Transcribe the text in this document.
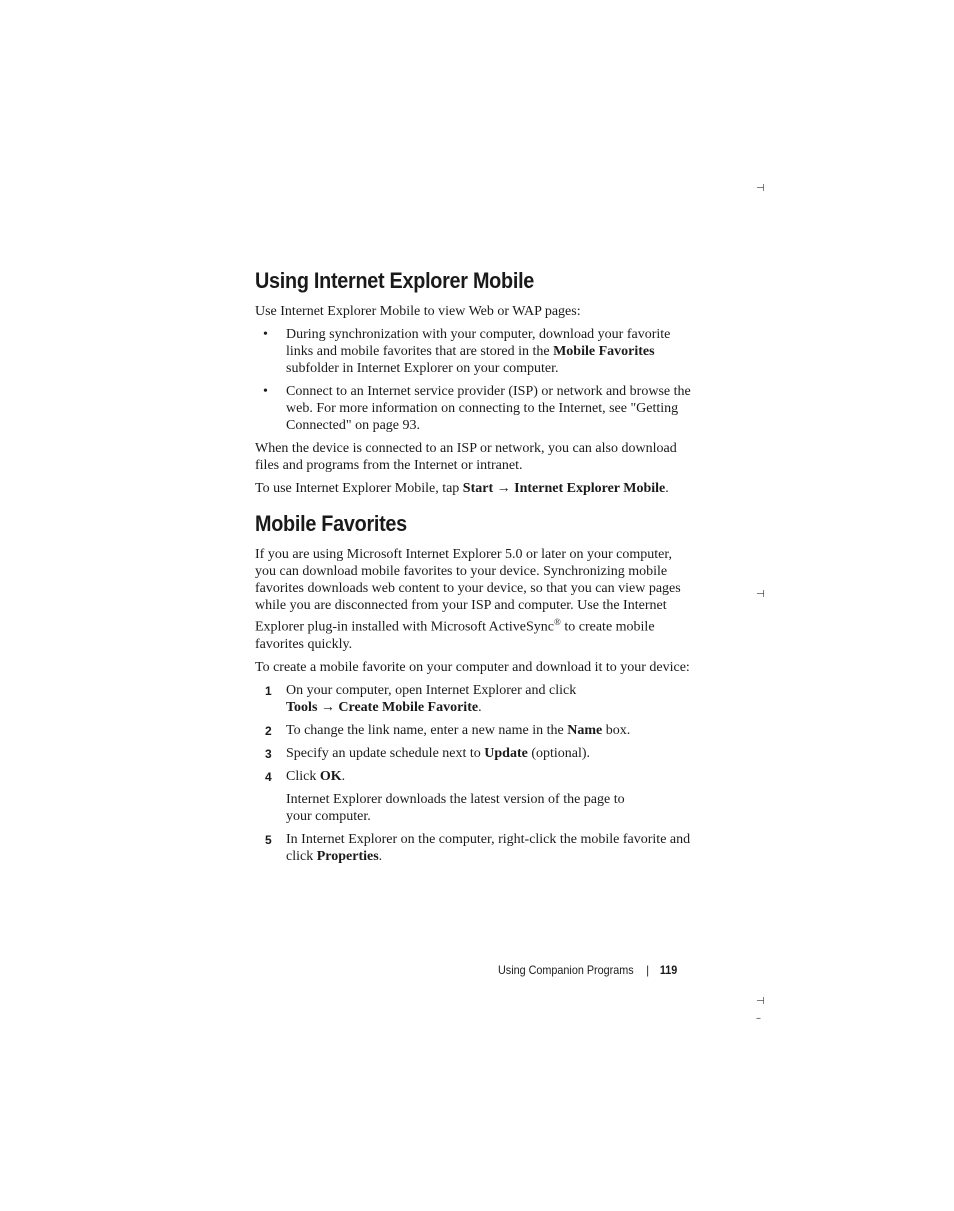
⊣
⊣
⊣
–
Using Internet Explorer Mobile

Use Internet Explorer Mobile to view Web or WAP pages:

• During synchronization with your computer, download your favorite links and mobile favorites that are stored in the Mobile Favorites subfolder in Internet Explorer on your computer.
• Connect to an Internet service provider (ISP) or network and browse the web. For more information on connecting to the Internet, see "Getting Connected" on page 93.

When the device is connected to an ISP or network, you can also download files and programs from the Internet or intranet.

To use Internet Explorer Mobile, tap Start → Internet Explorer Mobile.

Mobile Favorites

If you are using Microsoft Internet Explorer 5.0 or later on your computer, you can download mobile favorites to your device. Synchronizing mobile favorites downloads web content to your device, so that you can view pages while you are disconnected from your ISP and computer. Use the Internet Explorer plug-in installed with Microsoft ActiveSync® to create mobile favorites quickly.

To create a mobile favorite on your computer and download it to your device:

1 On your computer, open Internet Explorer and click
Tools → Create Mobile Favorite.
2 To change the link name, enter a new name in the Name box.
3 Specify an update schedule next to Update (optional).
4 Click OK.
Internet Explorer downloads the latest version of the page to your computer.
5 In Internet Explorer on the computer, right-click the mobile favorite and click Properties.
Using Companion Programs | 119
